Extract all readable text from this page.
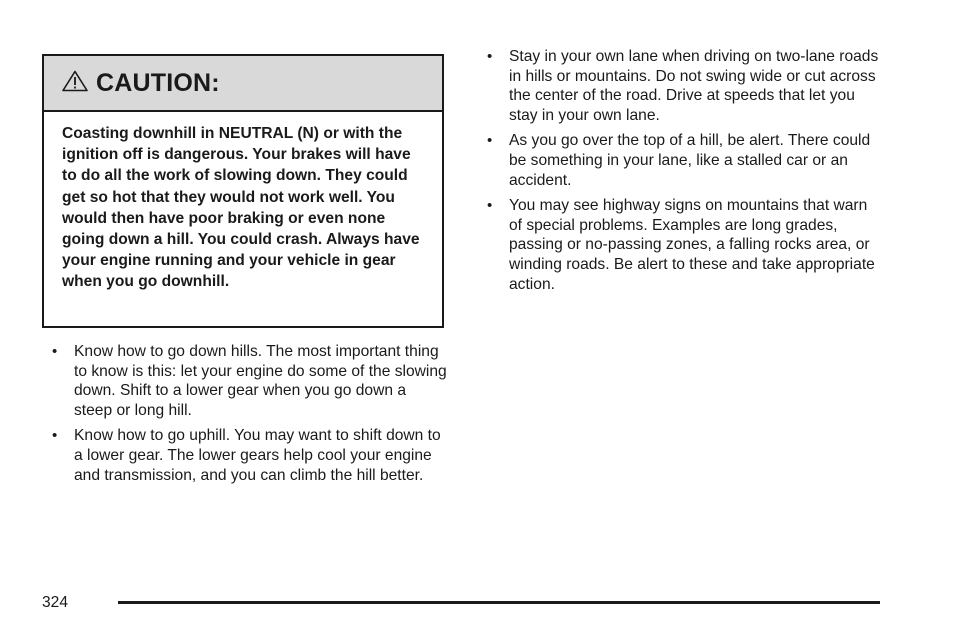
CAUTION:
Coasting downhill in NEUTRAL (N) or with the ignition off is dangerous. Your brakes will have to do all the work of slowing down. They could get so hot that they would not work well. You would then have poor braking or even none going down a hill. You could crash. Always have your engine running and your vehicle in gear when you go downhill.
• Know how to go down hills. The most important thing to know is this: let your engine do some of the slowing down. Shift to a lower gear when you go down a steep or long hill.
• Know how to go uphill. You may want to shift down to a lower gear. The lower gears help cool your engine and transmission, and you can climb the hill better.
• Stay in your own lane when driving on two-lane roads in hills or mountains. Do not swing wide or cut across the center of the road. Drive at speeds that let you stay in your own lane.
• As you go over the top of a hill, be alert. There could be something in your lane, like a stalled car or an accident.
• You may see highway signs on mountains that warn of special problems. Examples are long grades, passing or no-passing zones, a falling rocks area, or winding roads. Be alert to these and take appropriate action.
324
